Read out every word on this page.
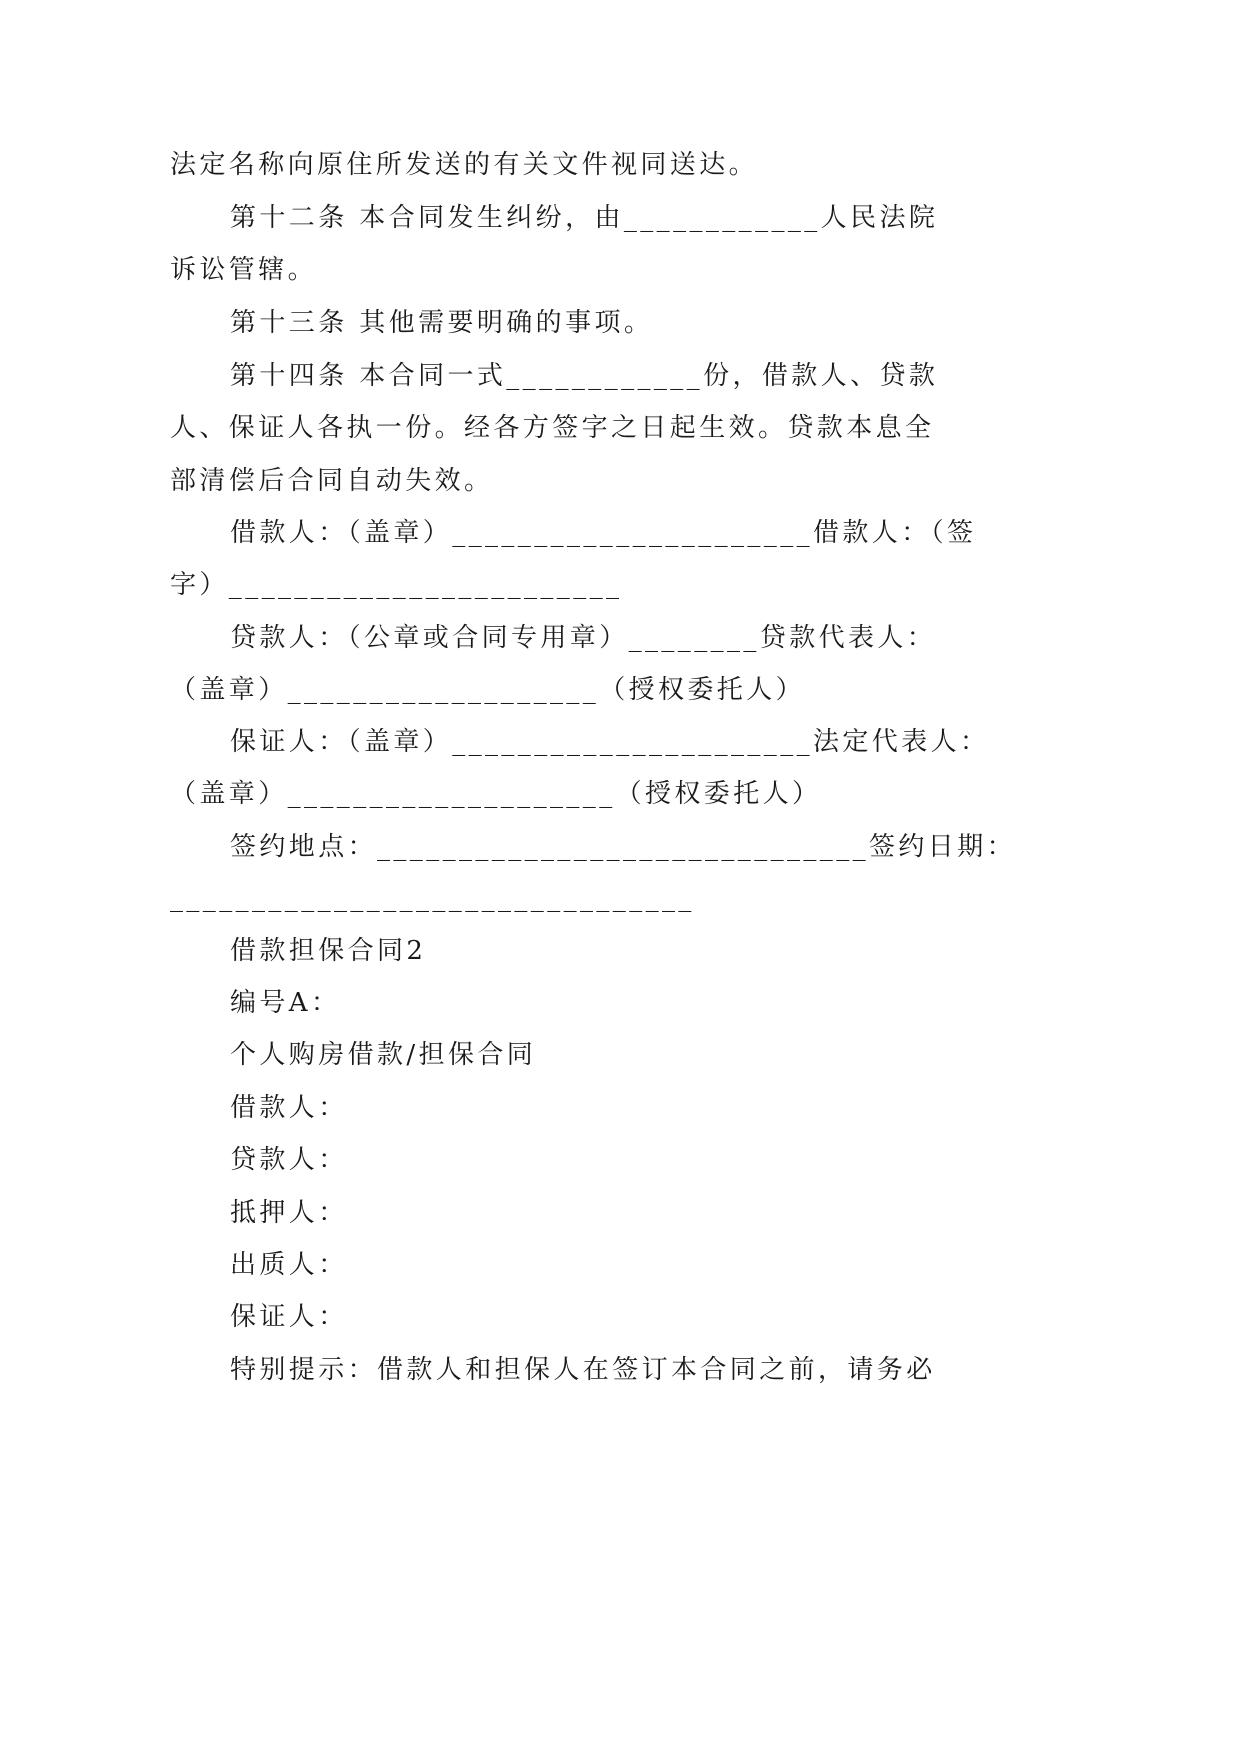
法定名称向原住所发送的有关文件视同送达。
第十二条 本合同发生纠纷，由____________人民法院
诉讼管辖。
第十三条 其他需要明确的事项。
第十四条 本合同一式____________份，借款人、贷款
人、保证人各执一份。经各方签字之日起生效。贷款本息全
部清偿后合同自动失效。
借款人：（盖章）______________________借款人：（签
字）________________________
贷款人：（公章或合同专用章）________贷款代表人：
（盖章）___________________（授权委托人）
保证人：（盖章）______________________法定代表人：
（盖章）____________________（授权委托人）
签约地点：______________________________签约日期：
________________________________
借款担保合同2
编号A：
个人购房借款/担保合同
借款人：
贷款人：
抵押人：
出质人：
保证人：
特别提示：借款人和担保人在签订本合同之前，请务必
